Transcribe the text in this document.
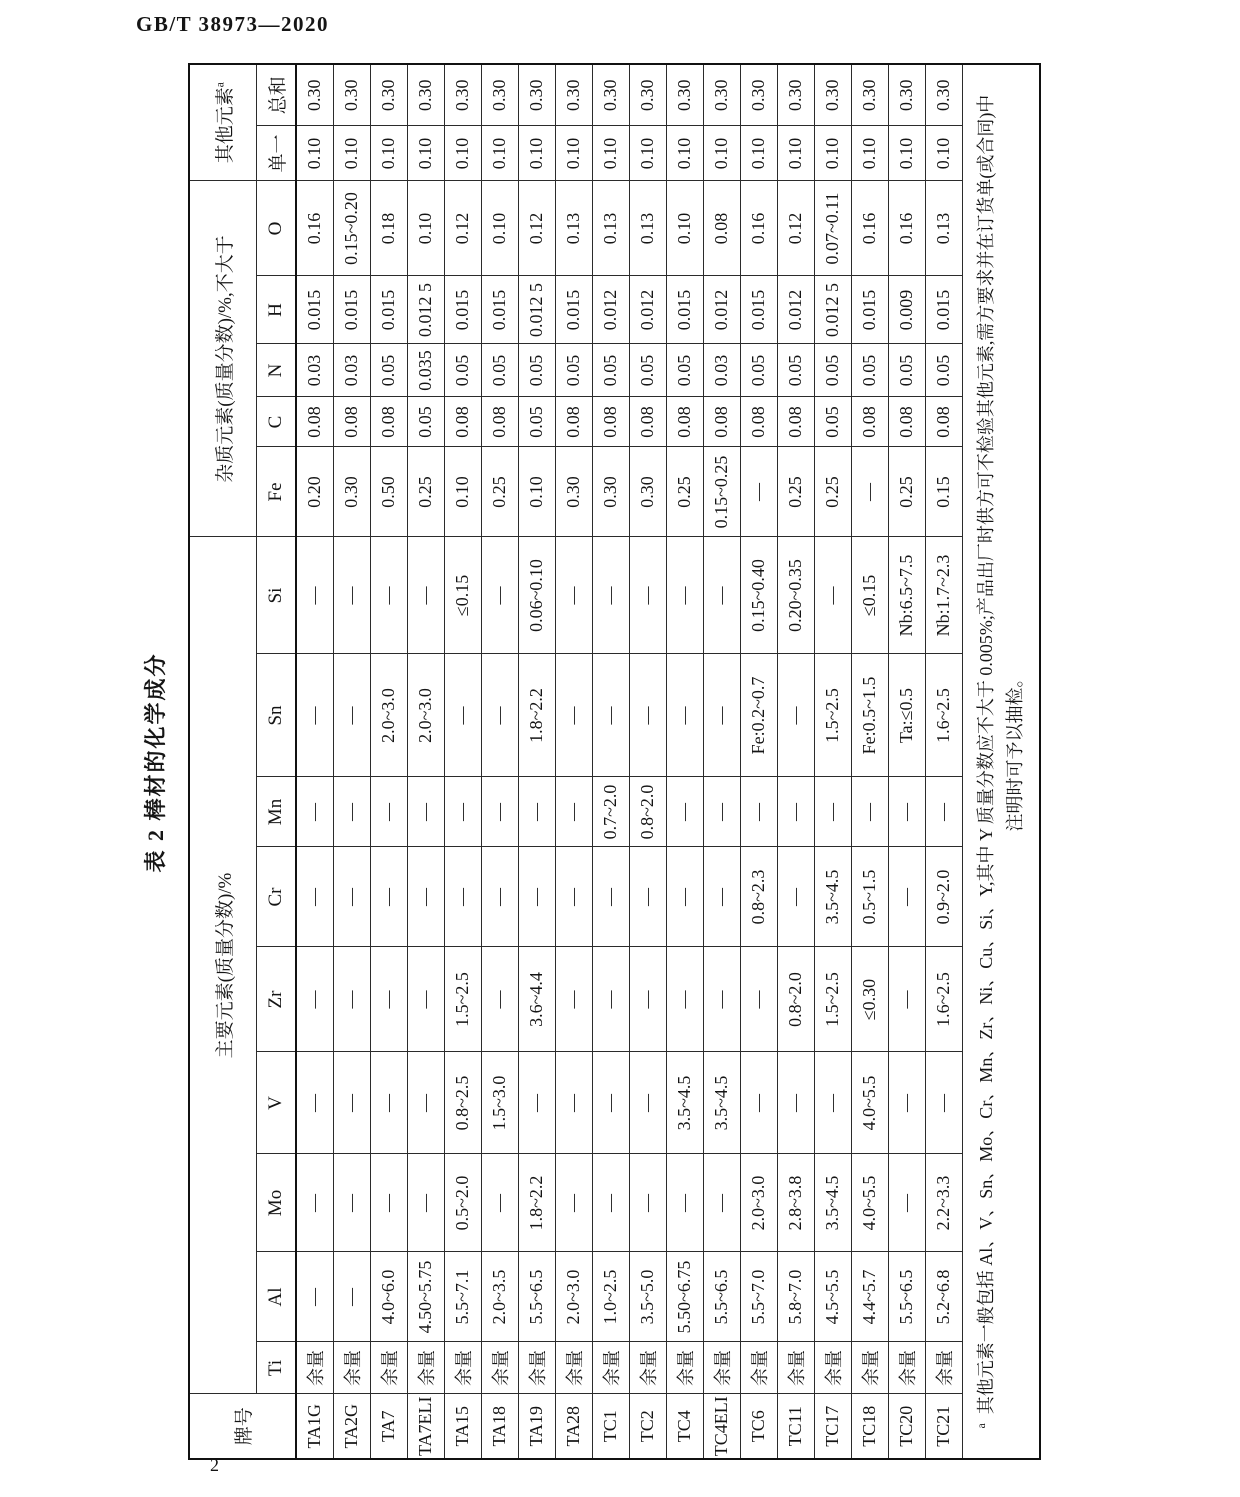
GB/T 38973—2020
表 2 棒材的化学成分
牌号	主要元素(质量分数)/%									杂质元素(质量分数)/%,不大于					其他元素$^a$
	Ti	Al	Mo	V	Zr	Cr	Mn	Sn	Si	Fe	C	N	H	O	单一	总和
TA1G	余量	—	—	—	—	—	—	—	—	0.20	0.08	0.03	0.015	0.16	0.10	0.30
TA2G	余量	—	—	—	—	—	—	—	—	0.30	0.08	0.03	0.015	0.15~0.20	0.10	0.30
TA7	余量	4.0~6.0	—	—	—	—	—	2.0~3.0	—	0.50	0.08	0.05	0.015	0.18	0.10	0.30
TA7ELI	余量	4.50~5.75	—	—	—	—	—	2.0~3.0	—	0.25	0.05	0.035	0.012 5	0.10	0.10	0.30
TA15	余量	5.5~7.1	0.5~2.0	0.8~2.5	1.5~2.5	—	—	—	≤0.15	0.10	0.08	0.05	0.015	0.12	0.10	0.30
TA18	余量	2.0~3.5	—	1.5~3.0	—	—	—	—	—	0.25	0.08	0.05	0.015	0.10	0.10	0.30
TA19	余量	5.5~6.5	1.8~2.2	—	3.6~4.4	—	—	1.8~2.2	0.06~0.10	0.10	0.05	0.05	0.012 5	0.12	0.10	0.30
TA28	余量	2.0~3.0	—	—	—	—	—	—	—	0.30	0.08	0.05	0.015	0.13	0.10	0.30
TC1	余量	1.0~2.5	—	—	—	—	0.7~2.0	—	—	0.30	0.08	0.05	0.012	0.13	0.10	0.30
TC2	余量	3.5~5.0	—	—	—	—	0.8~2.0	—	—	0.30	0.08	0.05	0.012	0.13	0.10	0.30
TC4	余量	5.50~6.75	—	3.5~4.5	—	—	—	—	—	0.25	0.08	0.05	0.015	0.10	0.10	0.30
TC4ELI	余量	5.5~6.5	—	3.5~4.5	—	—	—	—	—	0.15~0.25	0.08	0.03	0.012	0.08	0.10	0.30
TC6	余量	5.5~7.0	2.0~3.0	—	—	0.8~2.3	—	Fe:0.2~0.7	0.15~0.40	—	0.08	0.05	0.015	0.16	0.10	0.30
TC11	余量	5.8~7.0	2.8~3.8	—	0.8~2.0	—	—	—	0.20~0.35	0.25	0.08	0.05	0.012	0.12	0.10	0.30
TC17	余量	4.5~5.5	3.5~4.5	—	1.5~2.5	3.5~4.5	—	1.5~2.5	—	0.25	0.05	0.05	0.012 5	0.07~0.11	0.10	0.30
TC18	余量	4.4~5.7	4.0~5.5	4.0~5.5	≤0.30	0.5~1.5	—	Fe:0.5~1.5	≤0.15	—	0.08	0.05	0.015	0.16	0.10	0.30
TC20	余量	5.5~6.5	—	—	—	—	—	Ta:≤0.5	Nb:6.5~7.5	0.25	0.08	0.05	0.009	0.16	0.10	0.30
TC21	余量	5.2~6.8	2.2~3.3	—	1.6~2.5	0.9~2.0	—	1.6~2.5	Nb:1.7~2.3	0.15	0.08	0.05	0.015	0.13	0.10	0.30

$^a$  其他元素一般包括 Al、V、Sn、Mo、Cr、Mn、Zr、Ni、Cu、Si、Y,其中 Y 质量分数应不大于 0.005%;产品出厂时供方可不检验其他元素,需方要求并在订货单(或合同)中 注明时可予以抽检。																
2
